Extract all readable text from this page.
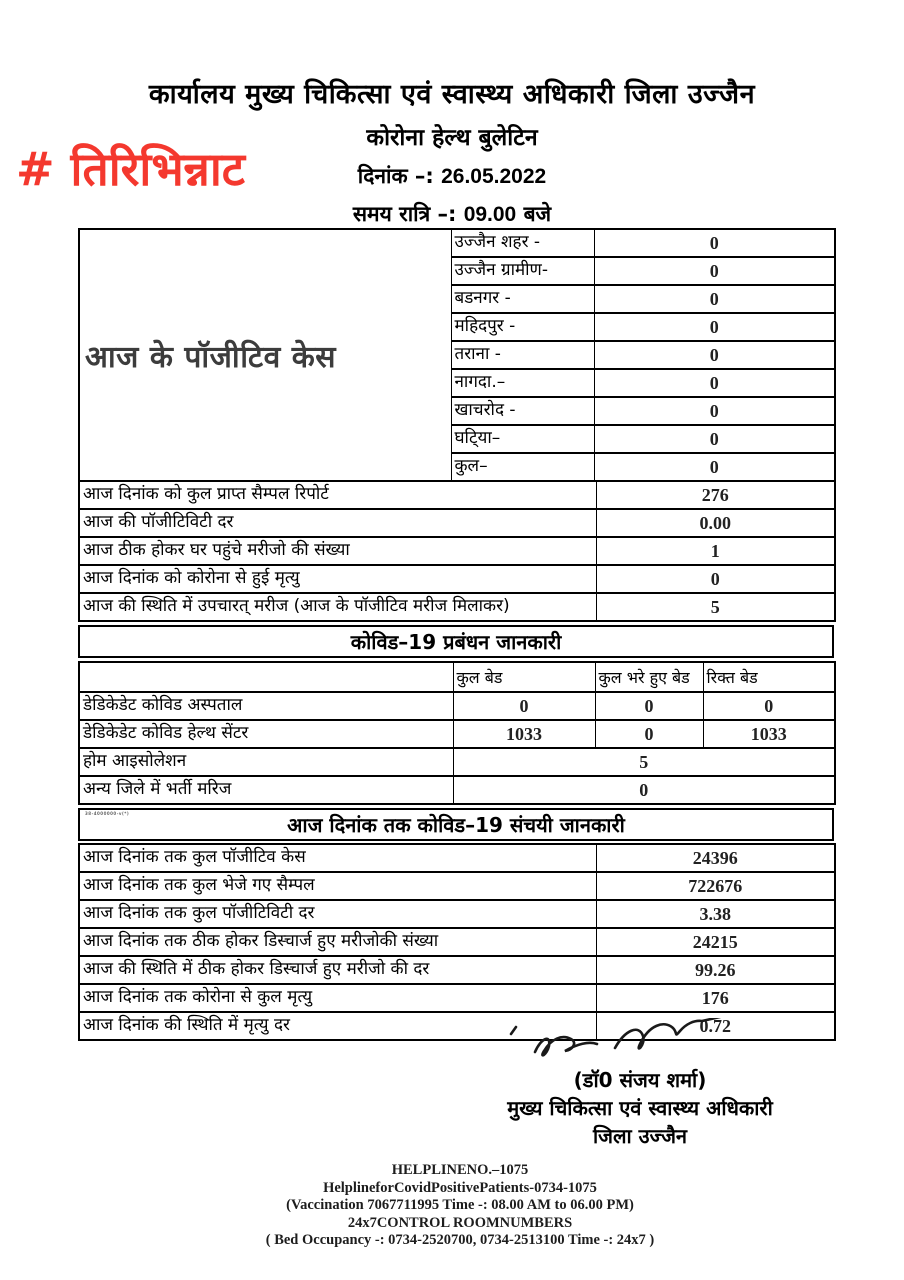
# तिरिभिन्नाट
कार्यालय मुख्य चिकित्सा एवं स्वास्थ्य अधिकारी जिला उज्जैन
कोरोना हेल्थ बुलेटिन
दिनांक –: 26.05.2022
समय रात्रि –: 09.00 बजे
आज के पॉजीटिव केस	उज्जैन शहर -	0
	उज्जैन ग्रामीण-	0
	बडनगर -	0
	महिदपुर -	0
	तराना -	0
	नागदा.–	0
	खाचरोद -	0
	घटि्या–	0
	कुल–	0
आज दिनांक को कुल प्राप्त सैम्पल रिपोर्ट	276
आज की पॉजीटिविटी दर	0.00
आज ठीक होकर घर पहुंचे मरीजो की संख्या	1
आज दिनांक को कोरोना से हुई मृत्यु	0
आज की स्थिति में उपचारत् मरीज (आज के पॉजीटिव मरीज मिलाकर)	5
कोविड–19 प्रबंधन जानकारी
	कुल बेड	कुल भरे हुए बेड	रिक्त बेड
डेडिकेडेट कोविड अस्पताल	0	0	0
डेडिकेडेट कोविड हेल्थ सेंटर	1033	0	1033
होम आइसोलेशन	5
अन्य जिले में भर्ती मरिज	0
38-4000000-v(*)	आज दिनांक तक कोविड–19 संचयी जानकारी
आज दिनांक तक कुल पॉजीटिव केस	24396
आज दिनांक तक कुल भेजे गए सैम्पल	722676
आज दिनांक तक कुल पॉजीटिविटी दर	3.38
आज दिनांक तक ठीक होकर डिस्चार्ज हुए मरीजोकी संख्या	24215
आज की स्थिति में ठीक होकर डिस्चार्ज हुए मरीजो की दर	99.26
आज दिनांक तक कोरोना से कुल मृत्यु	176
आज दिनांक की स्थिति में मृत्यु दर	0.72
(डॉ0 संजय शर्मा)
मुख्य चिकित्सा एवं स्वास्थ्य अधिकारी
जिला उज्जैन
HELPLINENO.–1075
HelplineforCovidPositivePatients-0734-1075
(Vaccination 7067711995 Time -: 08.00 AM to 06.00 PM)
24x7CONTROL ROOMNUMBERS
( Bed Occupancy -: 0734-2520700, 0734-2513100 Time -: 24x7 )
